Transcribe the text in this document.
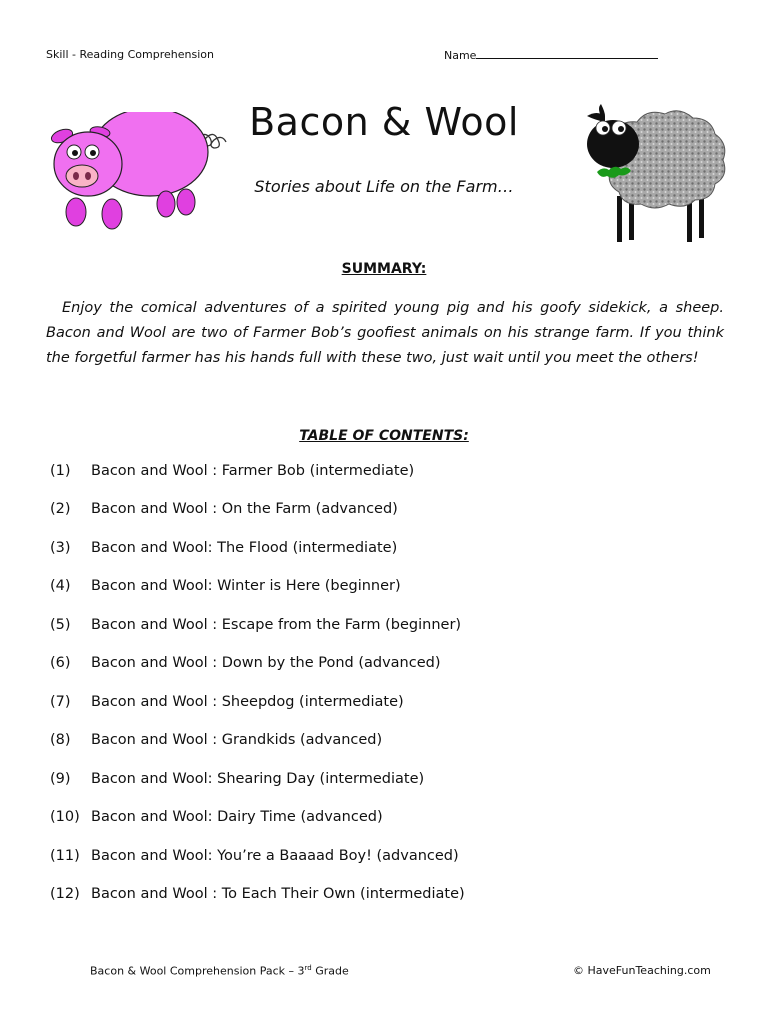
Skill - Reading Comprehension	Name
Bacon & Wool
Stories about Life on the Farm…
SUMMARY:
Enjoy the comical adventures of a spirited young pig and his goofy sidekick, a sheep. Bacon and Wool are two of Farmer Bob’s goofiest animals on his strange farm. If you think the forgetful farmer has his hands full with these two, just wait until you meet the others!
TABLE OF CONTENTS:
(1)	Bacon and Wool : Farmer Bob (intermediate)
(2)	Bacon and Wool : On the Farm (advanced)
(3)	Bacon and Wool: The Flood (intermediate)
(4)	Bacon and Wool: Winter is Here (beginner)
(5)	Bacon and Wool : Escape from the Farm (beginner)
(6)	Bacon and Wool : Down by the Pond (advanced)
(7)	Bacon and Wool : Sheepdog (intermediate)
(8)	Bacon and Wool : Grandkids (advanced)
(9)	Bacon and Wool: Shearing Day (intermediate)
(10) Bacon and Wool: Dairy Time (advanced)
(11) Bacon and Wool: You’re a Baaaad Boy! (advanced)
(12) Bacon and Wool : To Each Their Own (intermediate)
Bacon & Wool Comprehension Pack – 3rd Grade	© HaveFunTeaching.com
